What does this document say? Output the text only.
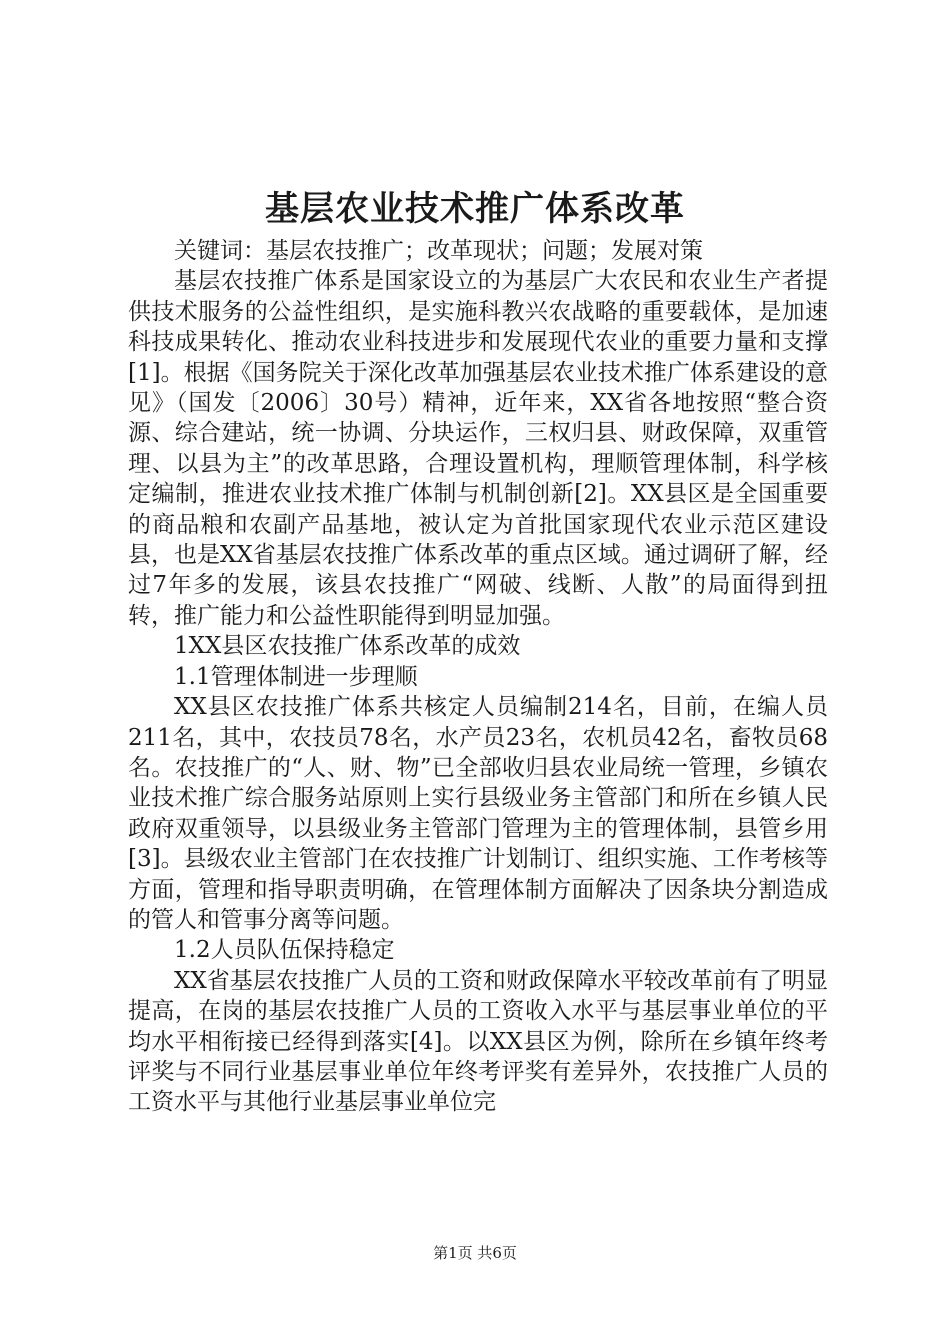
基层农业技术推广体系改革

关键词：基层农技推广；改革现状；问题；发展对策

基层农技推广体系是国家设立的为基层广大农民和农业生产者提供技术服务的公益性组织，是实施科教兴农战略的重要载体，是加速科技成果转化、推动农业科技进步和发展现代农业的重要力量和支撑[1]。根据《国务院关于深化改革加强基层农业技术推广体系建设的意见》（国发〔2006〕30号）精神，近年来，XX省各地按照“整合资源、综合建站，统一协调、分块运作，三权归县、财政保障，双重管理、以县为主”的改革思路，合理设置机构，理顺管理体制，科学核定编制，推进农业技术推广体制与机制创新[2]。XX县区是全国重要的商品粮和农副产品基地，被认定为首批国家现代农业示范区建设县，也是XX省基层农技推广体系改革的重点区域。通过调研了解，经过7年多的发展，该县农技推广“网破、线断、人散”的局面得到扭转，推广能力和公益性职能得到明显加强。

1XX县区农技推广体系改革的成效

1.1管理体制进一步理顺

XX县区农技推广体系共核定人员编制214名，目前，在编人员211名，其中，农技员78名，水产员23名，农机员42名，畜牧员68名。农技推广的“人、财、物”已全部收归县农业局统一管理，乡镇农业技术推广综合服务站原则上实行县级业务主管部门和所在乡镇人民政府双重领导，以县级业务主管部门管理为主的管理体制，县管乡用[3]。县级农业主管部门在农技推广计划制订、组织实施、工作考核等方面，管理和指导职责明确，在管理体制方面解决了因条块分割造成的管人和管事分离等问题。

1.2人员队伍保持稳定

XX省基层农技推广人员的工资和财政保障水平较改革前有了明显提高，在岗的基层农技推广人员的工资收入水平与基层事业单位的平均水平相衔接已经得到落实[4]。以XX县区为例，除所在乡镇年终考评奖与不同行业基层事业单位年终考评奖有差异外，农技推广人员的工资水平与其他行业基层事业单位完

第1页 共6页
